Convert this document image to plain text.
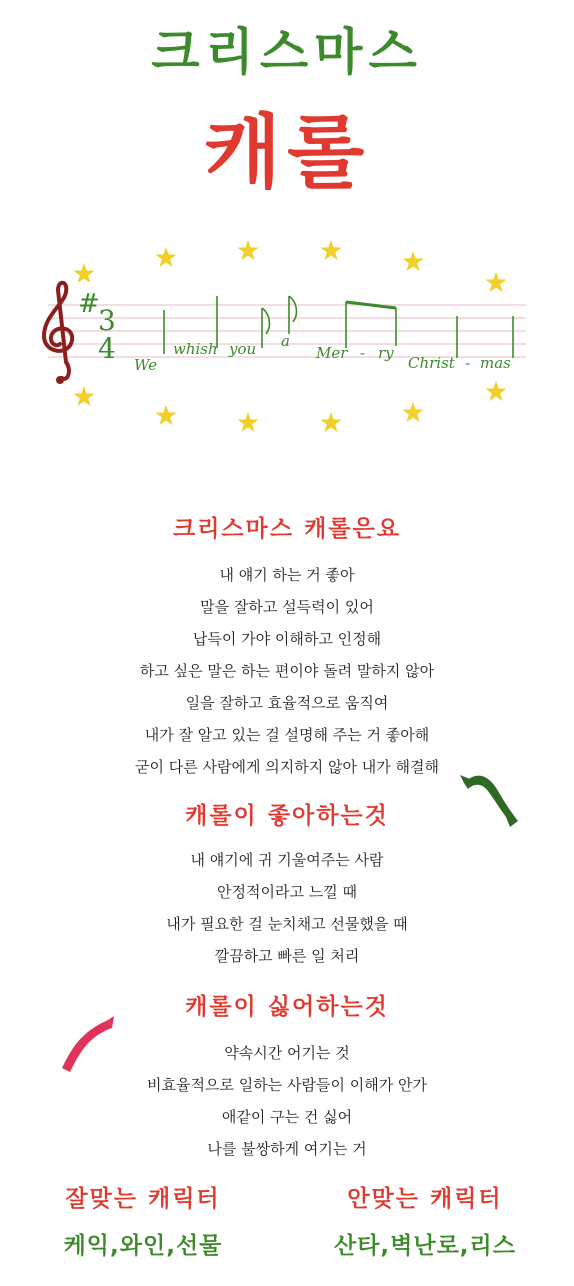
크리스마스
캐롤
#
3
4 We
whish you a
Mer - ry
Christ - mas
크리스마스 캐롤은요
내 얘기 하는 거 좋아
말을 잘하고 설득력이 있어
납득이 가야 이해하고 인정해
하고 싶은 말은 하는 편이야 돌려 말하지 않아
일을 잘하고 효율적으로 움직여
내가 잘 알고 있는 걸 설명해 주는 거 좋아해
굳이 다른 사람에게 의지하지 않아 내가 해결해
캐롤이 좋아하는것
내 얘기에 귀 기울여주는 사람
안정적이라고 느낄 때
내가 필요한 걸 눈치채고 선물했을 때
깔끔하고 빠른 일 처리
캐롤이 싫어하는것
약속시간 어기는 것
비효율적으로 일하는 사람들이 이해가 안가
애같이 구는 건 싫어
나를 불쌍하게 여기는 거
잘맞는 캐릭터
케익,와인,선물
안맞는 캐릭터
산타,벽난로,리스
